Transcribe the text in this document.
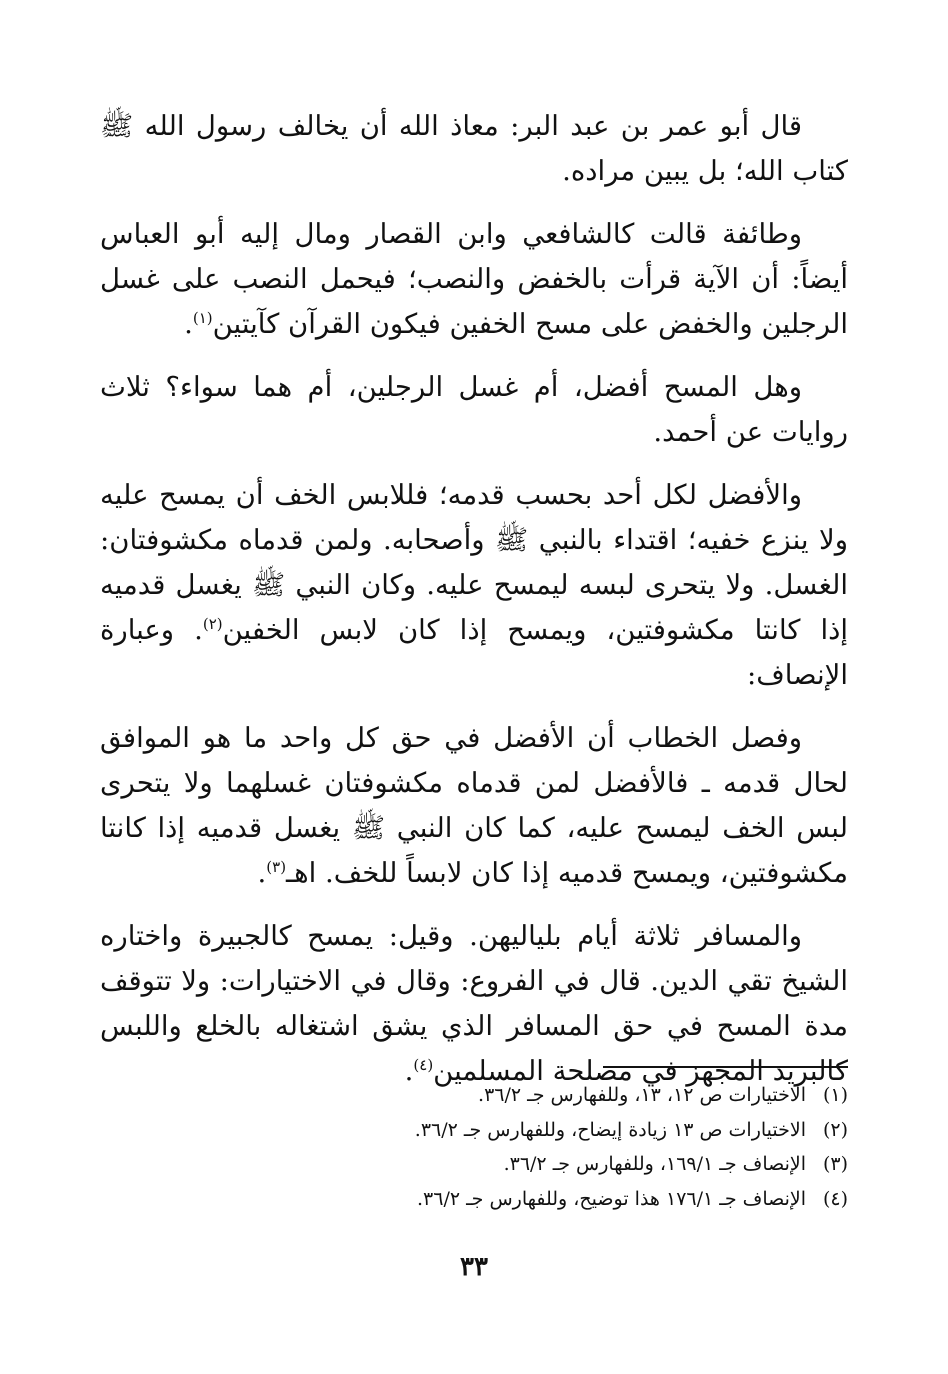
قال أبو عمر بن عبد البر: معاذ الله أن يخالف رسول الله ﷺ كتاب الله؛ بل يبين مراده.

وطائفة قالت كالشافعي وابن القصار ومال إليه أبو العباس أيضاً: أن الآية قرأت بالخفض والنصب؛ فيحمل النصب على غسل الرجلين والخفض على مسح الخفين فيكون القرآن كآيتين$^{(١)}$.

وهل المسح أفضل، أم غسل الرجلين، أم هما سواء؟ ثلاث روايات عن أحمد.

والأفضل لكل أحد بحسب قدمه؛ فللابس الخف أن يمسح عليه ولا ينزع خفيه؛ اقتداء بالنبي ﷺ وأصحابه. ولمن قدماه مكشوفتان: الغسل. ولا يتحرى لبسه ليمسح عليه. وكان النبي ﷺ يغسل قدميه إذا كانتا مكشوفتين، ويمسح إذا كان لابس الخفين$^{(٢)}$. وعبارة الإنصاف:

وفصل الخطاب أن الأفضل في حق كل واحد ما هو الموافق لحال قدمه ـ فالأفضل لمن قدماه مكشوفتان غسلهما ولا يتحرى لبس الخف ليمسح عليه، كما كان النبي ﷺ يغسل قدميه إذا كانتا مكشوفتين، ويمسح قدميه إذا كان لابساً للخف. اهـ$^{(٣)}$.

والمسافر ثلاثة أيام بلياليهن. وقيل: يمسح كالجبيرة واختاره الشيخ تقي الدين. قال في الفروع: وقال في الاختيارات: ولا تتوقف مدة المسح في حق المسافر الذي يشق اشتغاله بالخلع واللبس كالبريد المجهز في مصلحة المسلمين$^{(٤)}$.

(١)الاختيارات ص ١٢، ١٣، وللفهارس جـ ٣٦/٢.
(٢)الاختيارات ص ١٣ زيادة إيضاح، وللفهارس جـ ٣٦/٢.
(٣)الإنصاف جـ ١٦٩/١، وللفهارس جـ ٣٦/٢.
(٤)الإنصاف جـ ١٧٦/١ هذا توضيح، وللفهارس جـ ٣٦/٢.
٣٣
